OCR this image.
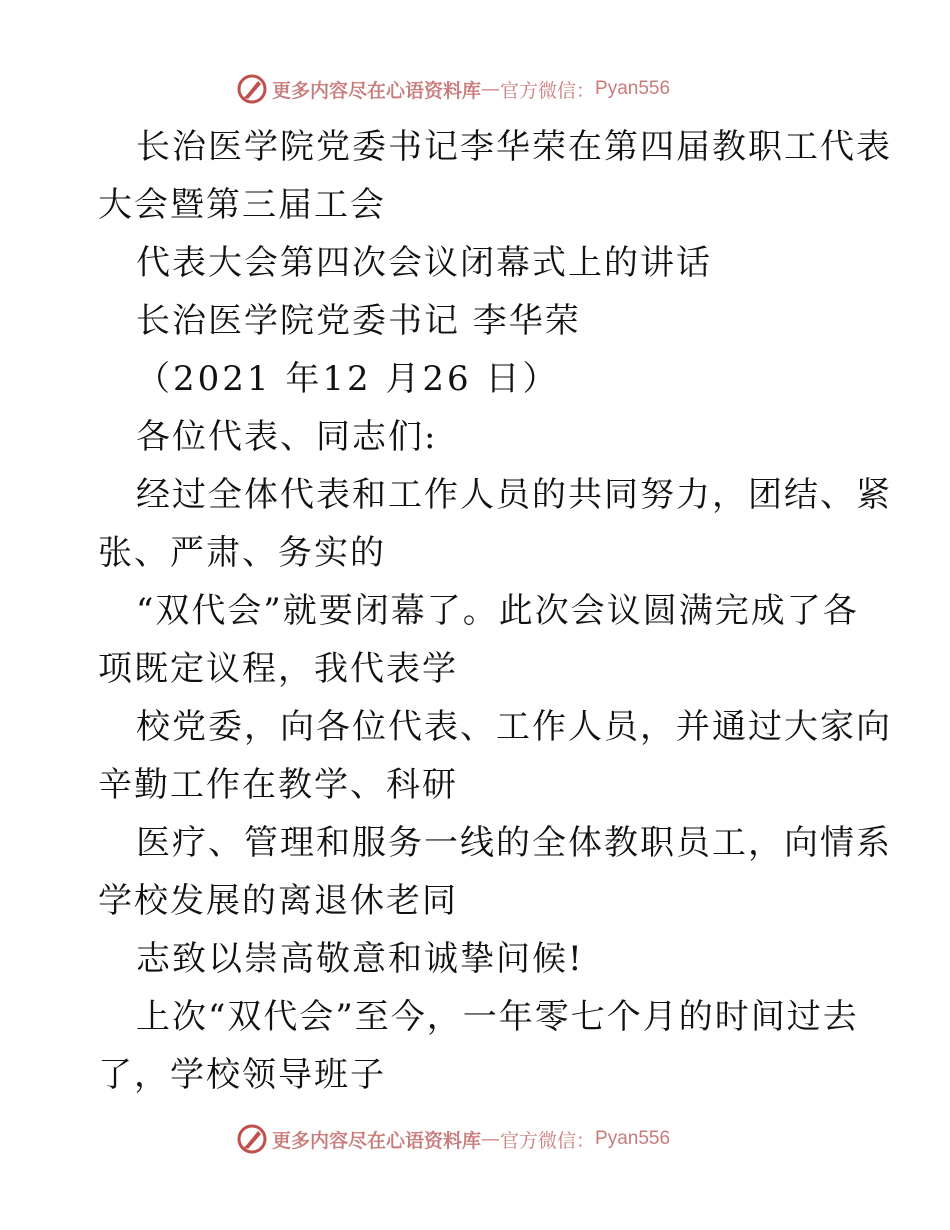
更多内容尽在心语资料库 — 官方微信： Pyan556
长治医学院党委书记李华荣在第四届教职工代表
大会暨第三届工会
代表大会第四次会议闭幕式上的讲话
长治医学院党委书记 李华荣
（2021 年12 月26 日）
各位代表、同志们:
经过全体代表和工作人员的共同努力，团结、紧
张、严肃、务实的
“双代会”就要闭幕了。此次会议圆满完成了各
项既定议程，我代表学
校党委，向各位代表、工作人员，并通过大家向
辛勤工作在教学、科研
医疗、管理和服务一线的全体教职员工，向情系
学校发展的离退休老同
志致以崇高敬意和诚挚问候!
上次“双代会”至今，一年零七个月的时间过去
了，学校领导班子
更多内容尽在心语资料库 — 官方微信： Pyan556
